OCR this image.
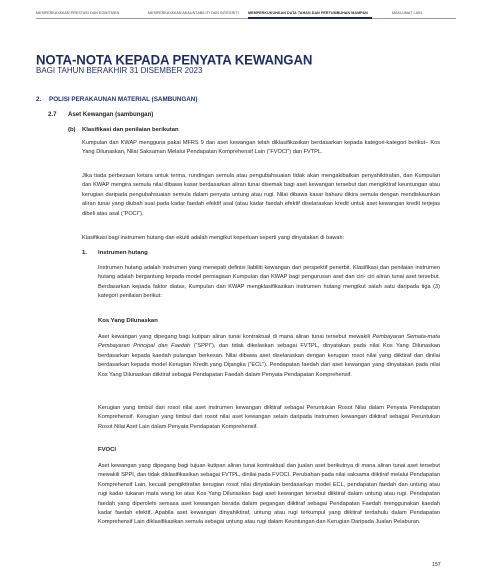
MEMPERKAYAKAN PRESTASI DAN KOMITMEN	MEMPERKAYAKAN AKAUNTABILITI DAN INTEGRITI	MEMPERKUKUHKAN DATA TAHAN DAN PERTUMBUHAN MAMPAN	MAKLUMAT LAIN
NOTA-NOTA KEPADA PENYATA KEWANGAN
BAGI TAHUN BERAKHIR 31 DISEMBER 2023
2. POLISI PERAKAUNAN MATERIAL (SAMBUNGAN)
2.7 Aset Kewangan (sambungan)
(b) Klasifikasi dan penilaian berikutan
Kumpulan dan KWAP mengguna pakai MFRS 9 dan aset kewangan telah diklasifikasikan berdasarkan kepada kategori-kategori berikut– Kos Yang Dilunaskan, Nilai Saksaman Melalui Pendapatan Komprehensif Lain (“FVOCI”) dan FVTPL.
Jika tiada perbezaan ketara untuk terma, rundingan semula atau pengubahsuaian tidak akan mengakibatkan penyahiktirafan, dan Kumpulan dan KWAP mengira semula nilai dibawa kasar berdasarkan aliran tunai disemak bagi aset kewangan tersebut dan mengiktiraf keuntungan atau kerugian daripada pengubahsuaian semula dalam penyata untung atau rugi. Nilai dibawa kasar baharu dikira semula dengan mendiskaunkan aliran tunai yang diubah suai pada kadar faedah efektif asal (atau kadar faedah efektif diselaraskan kredit untuk aset kewangan kredit terjejas dibeli atau asal (“POCI”).
Klasifikasi bagi instrumen hutang dan ekuiti adalah mengikut keperluan seperti yang dinyatakan di bawah:
1. Instrumen hutang
Instrumen hutang adalah instrumen yang menepati definisi liabiliti kewangan dari perspektif penerbit. Klasifikasi dan penilaian instrumen hutang adalah bergantung kepada model perniagaan Kumpulan dan KWAP bagi pengurusan aset dan ciri- ciri aliran tunai aset tersebut. Berdasarkan kepada faktor diatas, Kumpulan dan KWAP mengklasifikasikan instrumen hutang mengikut salah satu daripada tiga (3) kategori penilaian berikut:
Kos Yang Dilunaskan
Aset kewangan yang dipegang bagi kutipan aliran tunai kontraktual di mana aliran tunai tersebut mewakili Pembayaran Semata-mata Pembayaran Principal dan Faedah (“SPPI”), dan tidak dikelaskan sebagai FVTPL, dinyatakan pada nilai Kos Yang Dilunaskan berdasarkan kepada kaedah pulangan berkesan. Nilai dibawa aset diselaraskan dengan kerugian rosot nilai yang diiktiraf dan dinilai berdasarkan kepada model Kerugian Kredit yang Dijangka (“ECL”). Pendapatan faedah dari aset kewangan yang dinyatakan pada nilai Kos Yang Dilunaskan diiktiraf sebagai Pendapatan Faedah dalam Penyata Pendapatan Komprehensif.
Kerugian yang timbul dari rosot nilai aset instrumen kewangan diiktiraf sebagai Peruntukan Rosot Nilai dalam Penyata Pendapatan Komprehensif. Kerugian yang timbul dari rosot nilai aset kewangan selain daripada instrumen kewangan diiktiraf sebagai Peruntukan Rosot Nilai Aset Lain dalam Penyata Pendapatan Komprehensif.
FVOCI
Aset kewangan yang dipegang bagi tujuan kutipan aliran tunai kontraktual dan jualan aset berikutnya di mana aliran tunai aset tersebut mewakili SPPI, dan tidak diklasifikasikan sebagai FVTPL, dinilai pada FVOCI. Perubahan pada nilai saksama diiktiraf melalui Pendapatan Komprehensif Lain, kecuali pengiktirafan kerugian rosot nilai dinyatakan berdasarkan model ECL, pendapatan faedah dan untung atau rugi kadar tukaran mata wang ke atas Kos Yang Dilunaskan bagi aset kewangan tersebut diiktiraf dalam untung atau rugi. Pendapatan faedah yang diperolehi semasa aset kewangan berada dalam pegangan diiktiraf sebagai Pendapatan Faedah menggunakan kaedah kadar faedah efektif. Apabila aset kewangan dinyahiktiraf, untung atau rugi terkumpul yang diiktiraf terdahulu dalam Pendapatan Komprehensif Lain diklasifikasikan semula sebagai untung atau rugi dalam Keuntungan dan Kerugian Daripada Jualan Pelaburan.
157
